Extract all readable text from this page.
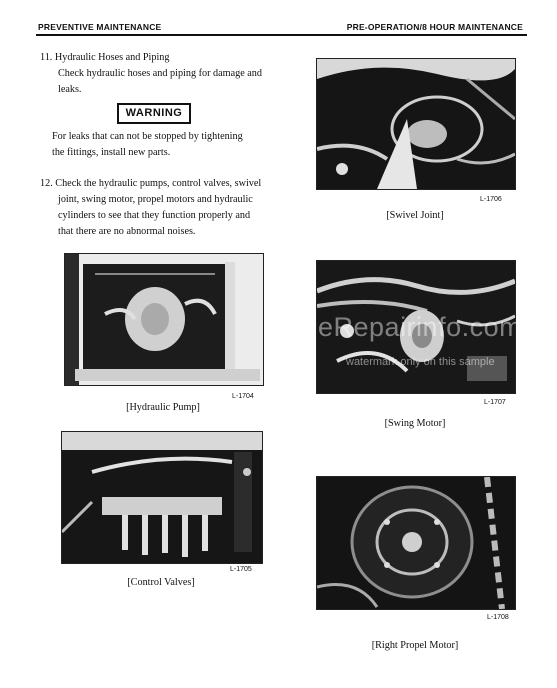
PREVENTIVE MAINTENANCE	PRE-OPERATION/8 HOUR MAINTENANCE
11. Hydraulic Hoses and Piping
Check hydraulic hoses and piping for damage and
leaks.
WARNING
For leaks that can not be stopped by tightening
the fittings, install new parts.
12. Check the hydraulic pumps, control valves, swivel
joint, swing motor, propel motors and hydraulic
cylinders to see that they function properly and
that there are no abnormal noises.
L-1706
[Swivel Joint]
L-1704
[Hydraulic Pump]
eRepairinfo.com
watermark only on this sample
L-1707
[Swing Motor]
L-1705
[Control Valves]
L-1708
[Right Propel Motor]
